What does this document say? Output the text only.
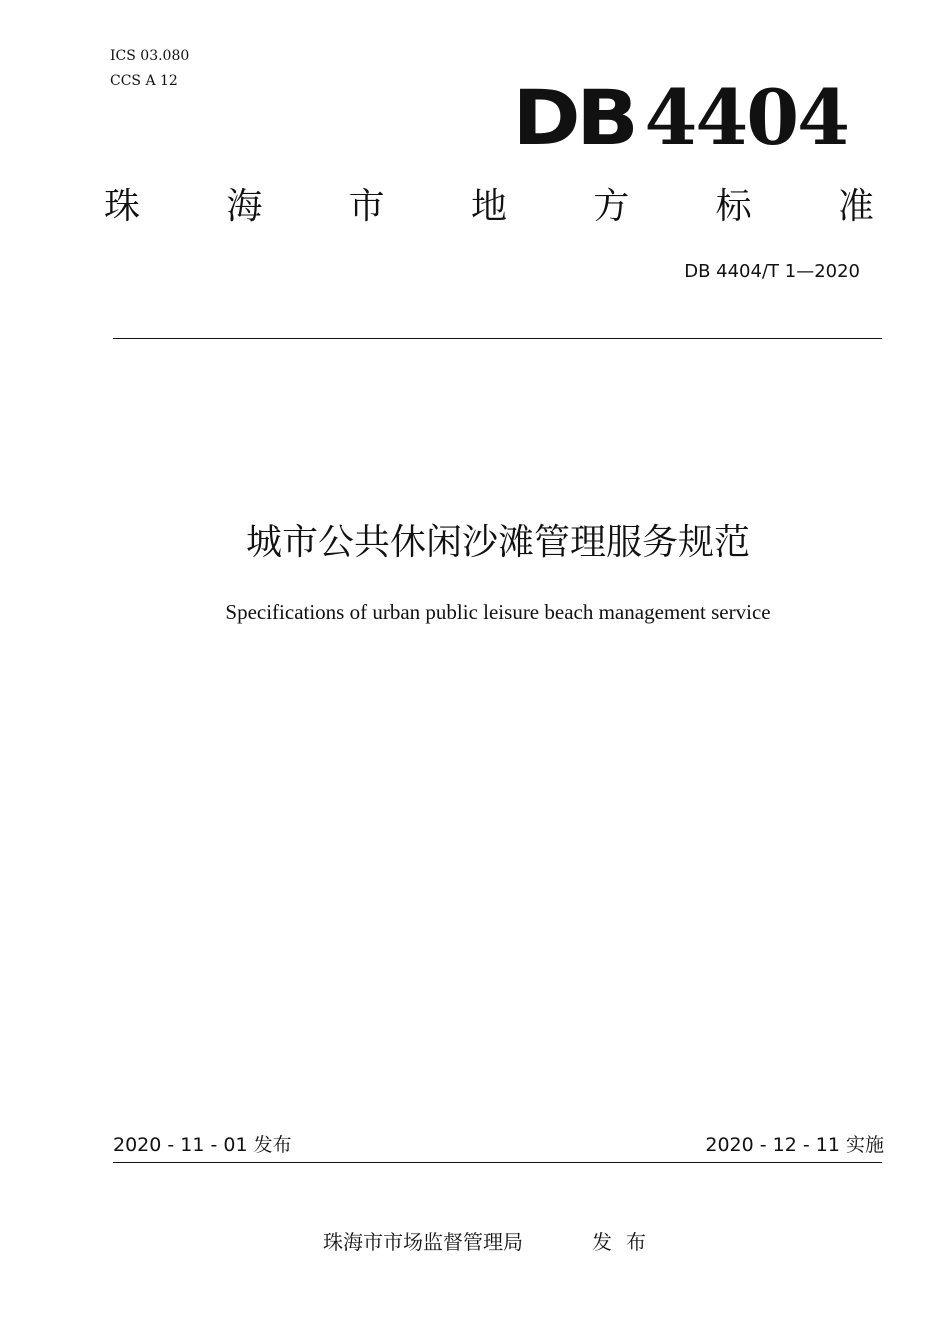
ICS 03.080
CCS A 12	DB 4404
珠 海 市 地 方 标 准
DB 4404/T 1—2020
城市公共休闲沙滩管理服务规范
Specifications of urban public leisure beach management service
2020 - 11 - 01 发布	2020 - 12 - 11 实施
珠海市市场监督管理局	发布
